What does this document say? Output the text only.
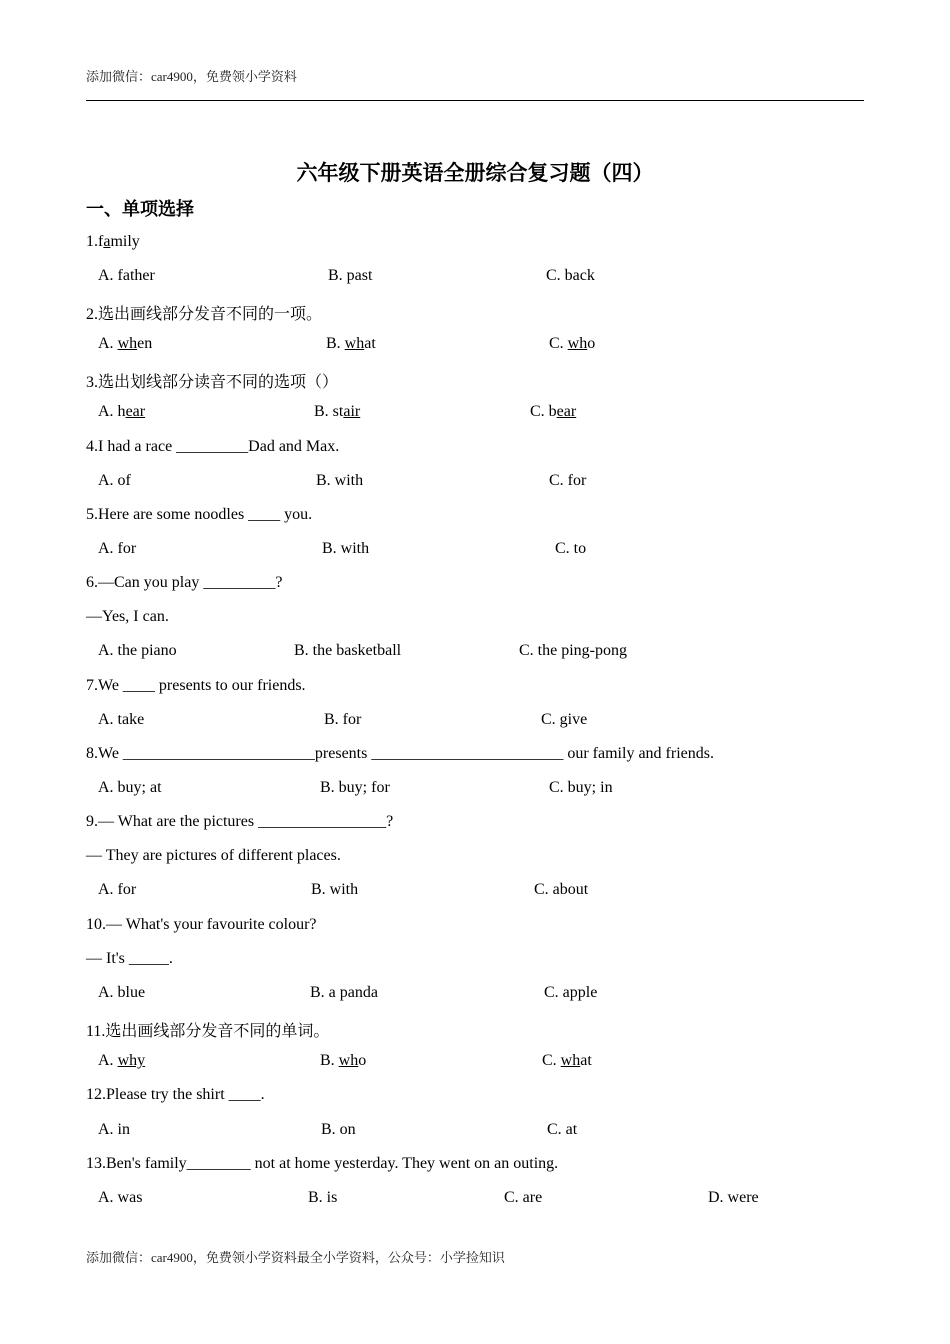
添加微信：car4900，免费领小学资料
六年级下册英语全册综合复习题（四）
一、单项选择
1.family
A. father	B. past	C. back
2.选出画线部分发音不同的一项。
A. when	B. what	C. who
3.选出划线部分读音不同的选项（）
A. hear	B. stair	C. bear
4.I had a race _________Dad and Max.
A. of	B. with	C. for
5.Here are some noodles ____ you.
A. for	B. with	C. to
6.—Can you play _________?
—Yes, I can.
A. the piano	B. the basketball	C. the ping-pong
7.We ____ presents to our friends.
A. take	B. for	C. give
8.We ________________________presents ________________________ our family and friends.
A. buy; at	B. buy; for	C. buy; in
9.— What are the pictures ________________?
— They are pictures of different places.
A. for	B. with	C. about
10.— What's your favourite colour?
— It's _____.
A. blue	B. a panda	C. apple
11.选出画线部分发音不同的单词。
A. why	B. who	C. what
12.Please try the shirt ____.
A. in	B. on	C. at
13.Ben's family________ not at home yesterday. They went on an outing.
A. was	B. is	C. are	D. were
添加微信：car4900，免费领小学资料最全小学资料，公众号：小学捡知识
